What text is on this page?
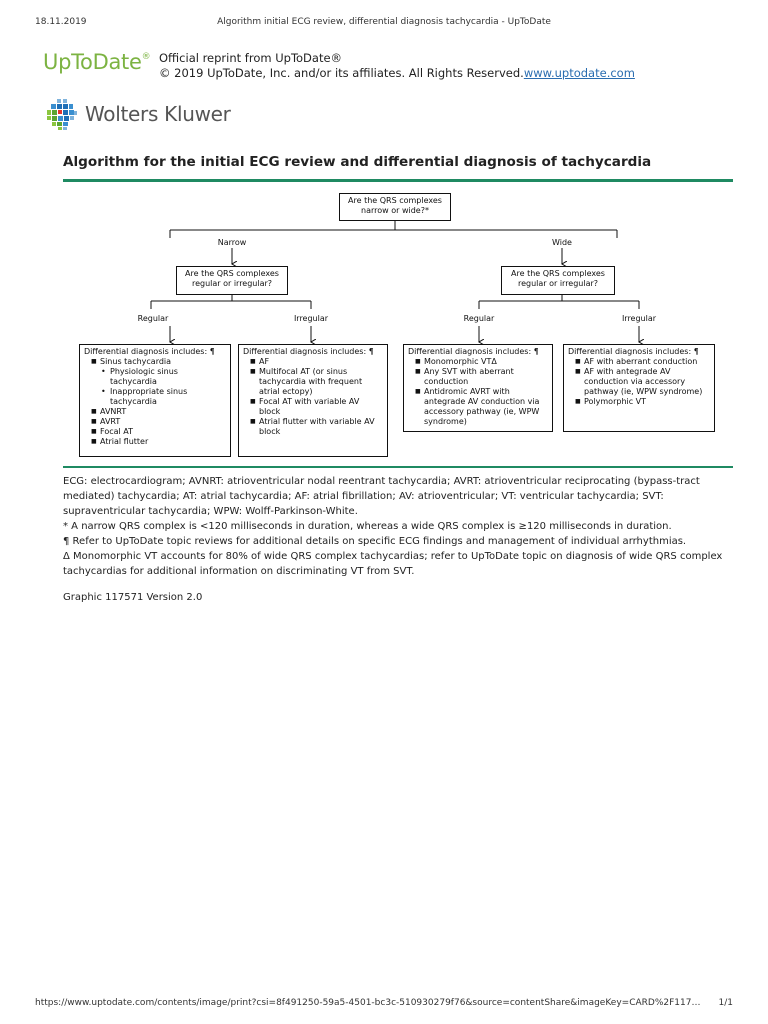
18.11.2019	Algorithm initial ECG review, differential diagnosis tachycardia - UpToDate
UpToDate® Official reprint from UpToDate®
© 2019 UpToDate, Inc. and/or its affiliates. All Rights Reserved.www.uptodate.com
Wolters Kluwer
Algorithm for the initial ECG review and differential diagnosis of tachycardia
Are the QRS complexes
narrow or wide?*
Narrow	Wide
Are the QRS complexes
regular or irregular?
Are the QRS complexes
regular or irregular?
Regular	Irregular	Regular	Irregular
Differential diagnosis includes: ¶
■ Sinus tachycardia
• Physiologic sinus tachycardia
• Inappropriate sinus tachycardia
■ AVNRT
■ AVRT
■ Focal AT
■ Atrial flutter
Differential diagnosis includes: ¶
■ AF
■ Multifocal AT (or sinus tachycardia with frequent atrial ectopy)
■ Focal AT with variable AV block
■ Atrial flutter with variable AV block
Differential diagnosis includes: ¶
■ Monomorphic VTΔ
■ Any SVT with aberrant conduction
■ Antidromic AVRT with antegrade AV conduction via accessory pathway (ie, WPW syndrome)
Differential diagnosis includes: ¶
■ AF with aberrant conduction
■ AF with antegrade AV conduction via accessory pathway (ie, WPW syndrome)
■ Polymorphic VT

ECG: electrocardiogram; AVNRT: atrioventricular nodal reentrant tachycardia; AVRT: atrioventricular reciprocating (bypass-tract mediated) tachycardia; AT: atrial tachycardia; AF: atrial fibrillation; AV: atrioventricular; VT: ventricular tachycardia; SVT: supraventricular tachycardia; WPW: Wolff-Parkinson-White.

* A narrow QRS complex is <120 milliseconds in duration, whereas a wide QRS complex is ≥120 milliseconds in duration.

¶ Refer to UpToDate topic reviews for additional details on specific ECG findings and management of individual arrhythmias.

Δ Monomorphic VT accounts for 80% of wide QRS complex tachycardias; refer to UpToDate topic on diagnosis of wide QRS complex tachycardias for additional information on discriminating VT from SVT.

Graphic 117571 Version 2.0
https://www.uptodate.com/contents/image/print?csi=8f491250-59a5-4501-bc3c-510930279f76&source=contentShare&imageKey=CARD%2F117… 1/1
